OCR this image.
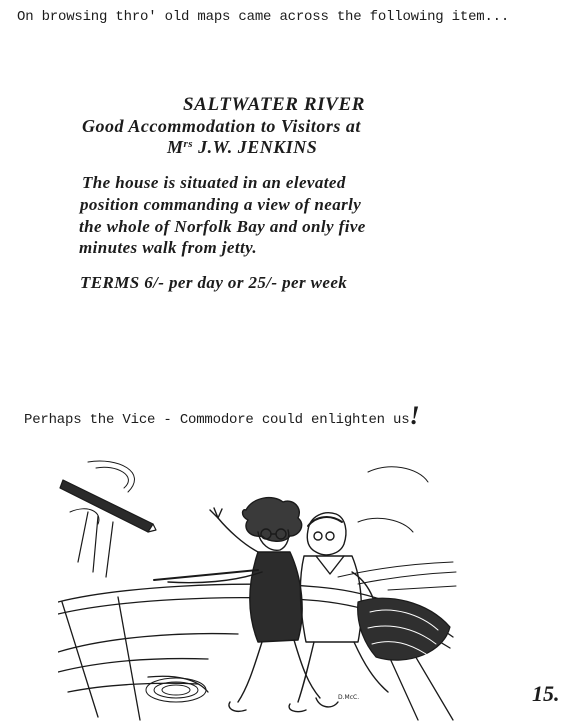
On browsing thro' old maps came across the following item...
SALTWATER RIVER
Good Accommodation to Visitors at
$M^{rs}$ J.W. JENKINS
The house is situated in an elevated
position commanding a view of nearly
the whole of Norfolk Bay and only five
minutes walk from jetty.
TERMS 6/- per day or 25/- per week
Perhaps the Vice - Commodore could enlighten us!
D.McC.	15.
